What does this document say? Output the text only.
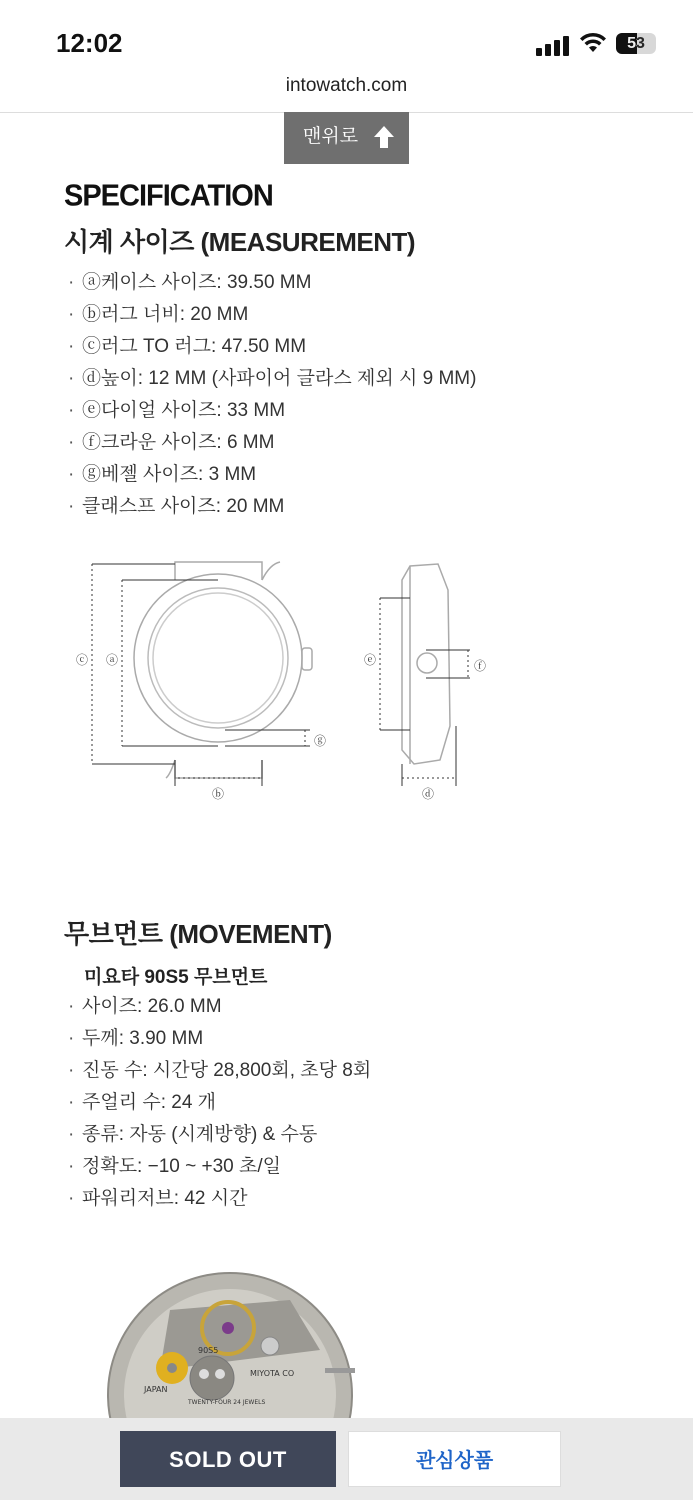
12:02	53
intowatch.com
맨위로
SPECIFICATION
시계 사이즈 (MEASUREMENT)
· ⓐ케이스 사이즈: 39.50 MM
· ⓑ러그 너비: 20 MM
· ⓒ러그 TO 러그: 47.50 MM
· ⓓ높이: 12 MM (사파이어 글라스 제외 시 9 MM)
· ⓔ다이얼 사이즈: 33 MM
· ⓕ크라운 사이즈: 6 MM
· ⓖ베젤 사이즈: 3 MM
· 클래스프 사이즈: 20 MM
ⓒ ⓐ
ⓑ
ⓖ
ⓔ	ⓕ
ⓓ
무브먼트 (MOVEMENT)
미요타 90S5 무브먼트
· 사이즈: 26.0 MM
· 두께: 3.90 MM
· 진동 수: 시간당 28,800회, 초당 8회
· 주얼리 수: 24 개
· 종류: 자동 (시계방향) & 수동
· 정확도: −10 ~ +30 초/일
· 파워리저브: 42 시간
90S5
JAPAN
MIYOTA CO
TWENTY-FOUR 24 JEWELS
SOLD OUT	관심상품
